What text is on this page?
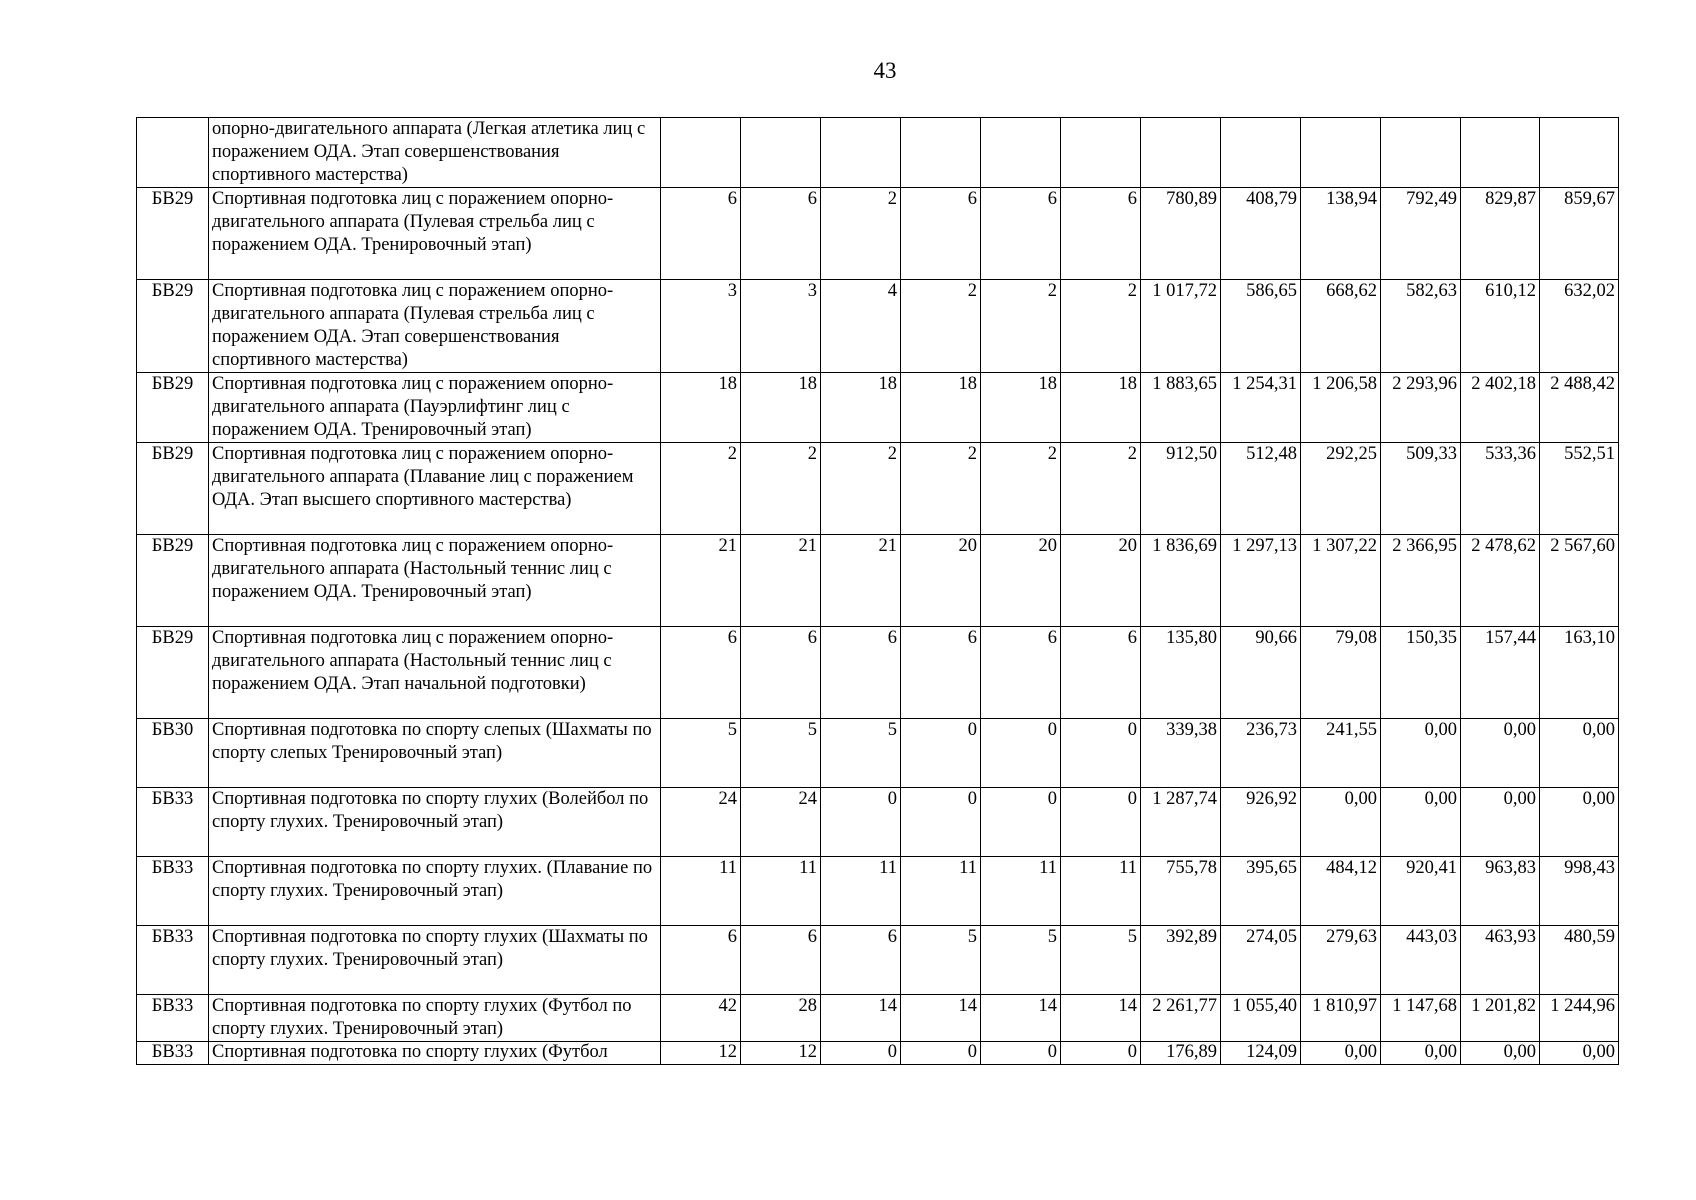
43
	опорно-двигательного аппарата (Легкая атлетика лиц с поражением ОДА. Этап совершенствования спортивного мастерства)												
БВ29	Спортивная подготовка лиц с поражением опорно-двигательного аппарата (Пулевая стрельба лиц с поражением ОДА. Тренировочный этап)	6	6	2	6	6	6	780,89	408,79	138,94	792,49	829,87	859,67
БВ29	Спортивная подготовка лиц с поражением опорно-двигательного аппарата (Пулевая стрельба лиц с поражением ОДА. Этап совершенствования спортивного мастерства)	3	3	4	2	2	2	1 017,72	586,65	668,62	582,63	610,12	632,02
БВ29	Спортивная подготовка лиц с поражением опорно-двигательного аппарата (Пауэрлифтинг лиц с поражением ОДА. Тренировочный этап)	18	18	18	18	18	18	1 883,65	1 254,31	1 206,58	2 293,96	2 402,18	2 488,42
БВ29	Спортивная подготовка лиц с поражением опорно-двигательного аппарата (Плавание лиц с поражением ОДА. Этап высшего спортивного мастерства)	2	2	2	2	2	2	912,50	512,48	292,25	509,33	533,36	552,51
БВ29	Спортивная подготовка лиц с поражением опорно-двигательного аппарата (Настольный теннис лиц с поражением ОДА. Тренировочный этап)	21	21	21	20	20	20	1 836,69	1 297,13	1 307,22	2 366,95	2 478,62	2 567,60
БВ29	Спортивная подготовка лиц с поражением опорно-двигательного аппарата (Настольный теннис лиц с поражением ОДА. Этап начальной подготовки)	6	6	6	6	6	6	135,80	90,66	79,08	150,35	157,44	163,10
БВ30	Спортивная подготовка по спорту слепых (Шахматы по спорту слепых Тренировочный этап)	5	5	5	0	0	0	339,38	236,73	241,55	0,00	0,00	0,00
БВ33	Спортивная подготовка по спорту глухих (Волейбол по спорту глухих. Тренировочный этап)	24	24	0	0	0	0	1 287,74	926,92	0,00	0,00	0,00	0,00
БВ33	Спортивная подготовка по спорту глухих. (Плавание по спорту глухих. Тренировочный этап)	11	11	11	11	11	11	755,78	395,65	484,12	920,41	963,83	998,43
БВ33	Спортивная подготовка по спорту глухих (Шахматы по спорту глухих. Тренировочный этап)	6	6	6	5	5	5	392,89	274,05	279,63	443,03	463,93	480,59
БВ33	Спортивная подготовка по спорту глухих (Футбол по спорту глухих. Тренировочный этап)	42	28	14	14	14	14	2 261,77	1 055,40	1 810,97	1 147,68	1 201,82	1 244,96
БВ33	Спортивная подготовка по спорту глухих (Футбол	12	12	0	0	0	0	176,89	124,09	0,00	0,00	0,00	0,00
